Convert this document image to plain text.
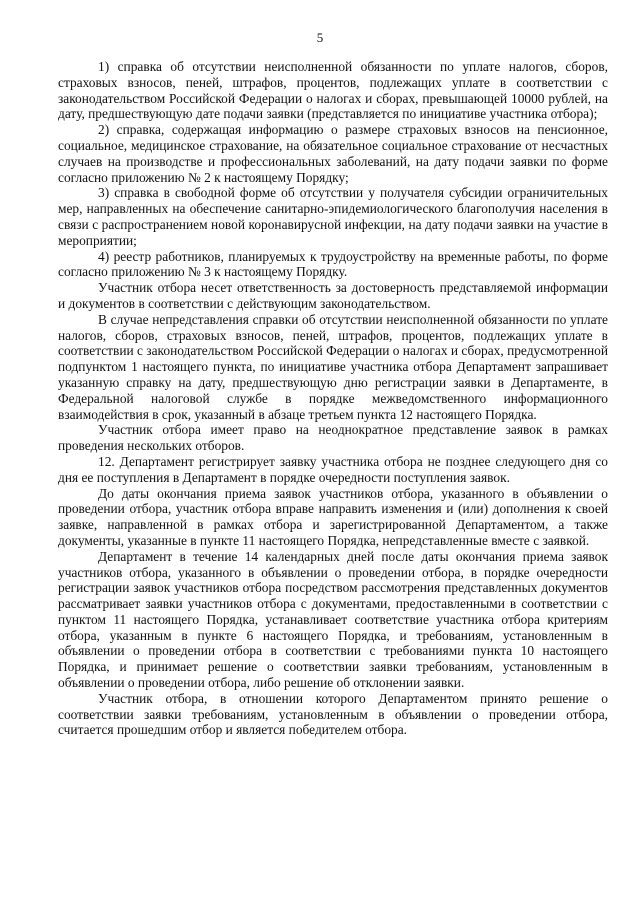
5

1) справка об отсутствии неисполненной обязанности по уплате налогов, сборов, страховых взносов, пеней, штрафов, процентов, подлежащих уплате в соответствии с законодательством Российской Федерации о налогах и сборах, превышающей 10000 рублей, на дату, предшествующую дате подачи заявки (представляется по инициативе участника отбора);

2) справка, содержащая информацию о размере страховых взносов на пенсионное, социальное, медицинское страхование, на обязательное социальное страхование от несчастных случаев на производстве и профессиональных заболеваний, на дату подачи заявки по форме согласно приложению № 2 к настоящему Порядку;

3) справка в свободной форме об отсутствии у получателя субсидии ограничительных мер, направленных на обеспечение санитарно-эпидемиологического благополучия населения в связи с распространением новой коронавирусной инфекции, на дату подачи заявки на участие в мероприятии;

4) реестр работников, планируемых к трудоустройству на временные работы, по форме согласно приложению № 3 к настоящему Порядку.

Участник отбора несет ответственность за достоверность представляемой информации и документов в соответствии с действующим законодательством.

В случае непредставления справки об отсутствии неисполненной обязанности по уплате налогов, сборов, страховых взносов, пеней, штрафов, процентов, подлежащих уплате в соответствии с законодательством Российской Федерации о налогах и сборах, предусмотренной подпунктом 1 настоящего пункта, по инициативе участника отбора Департамент запрашивает указанную справку на дату, предшествующую дню регистрации заявки в Департаменте, в Федеральной налоговой службе в порядке межведомственного информационного взаимодействия в срок, указанный в абзаце третьем пункта 12 настоящего Порядка.

Участник отбора имеет право на неоднократное представление заявок в рамках проведения нескольких отборов.

12. Департамент регистрирует заявку участника отбора не позднее следующего дня со дня ее поступления в Департамент в порядке очередности поступления заявок.

До даты окончания приема заявок участников отбора, указанного в объявлении о проведении отбора, участник отбора вправе направить изменения и (или) дополнения к своей заявке, направленной в рамках отбора и зарегистрированной Департаментом, а также документы, указанные в пункте 11 настоящего Порядка, непредставленные вместе с заявкой.

Департамент в течение 14 календарных дней после даты окончания приема заявок участников отбора, указанного в объявлении о проведении отбора, в порядке очередности регистрации заявок участников отбора посредством рассмотрения представленных документов рассматривает заявки участников отбора с документами, предоставленными в соответствии с пунктом 11 настоящего Порядка, устанавливает соответствие участника отбора критериям отбора, указанным в пункте 6 настоящего Порядка, и требованиям, установленным в объявлении о проведении отбора в соответствии с требованиями пункта 10 настоящего Порядка, и принимает решение о соответствии заявки требованиям, установленным в объявлении о проведении отбора, либо решение об отклонении заявки.

Участник отбора, в отношении которого Департаментом принято решение о соответствии заявки требованиям, установленным в объявлении о проведении отбора, считается прошедшим отбор и является победителем отбора.
